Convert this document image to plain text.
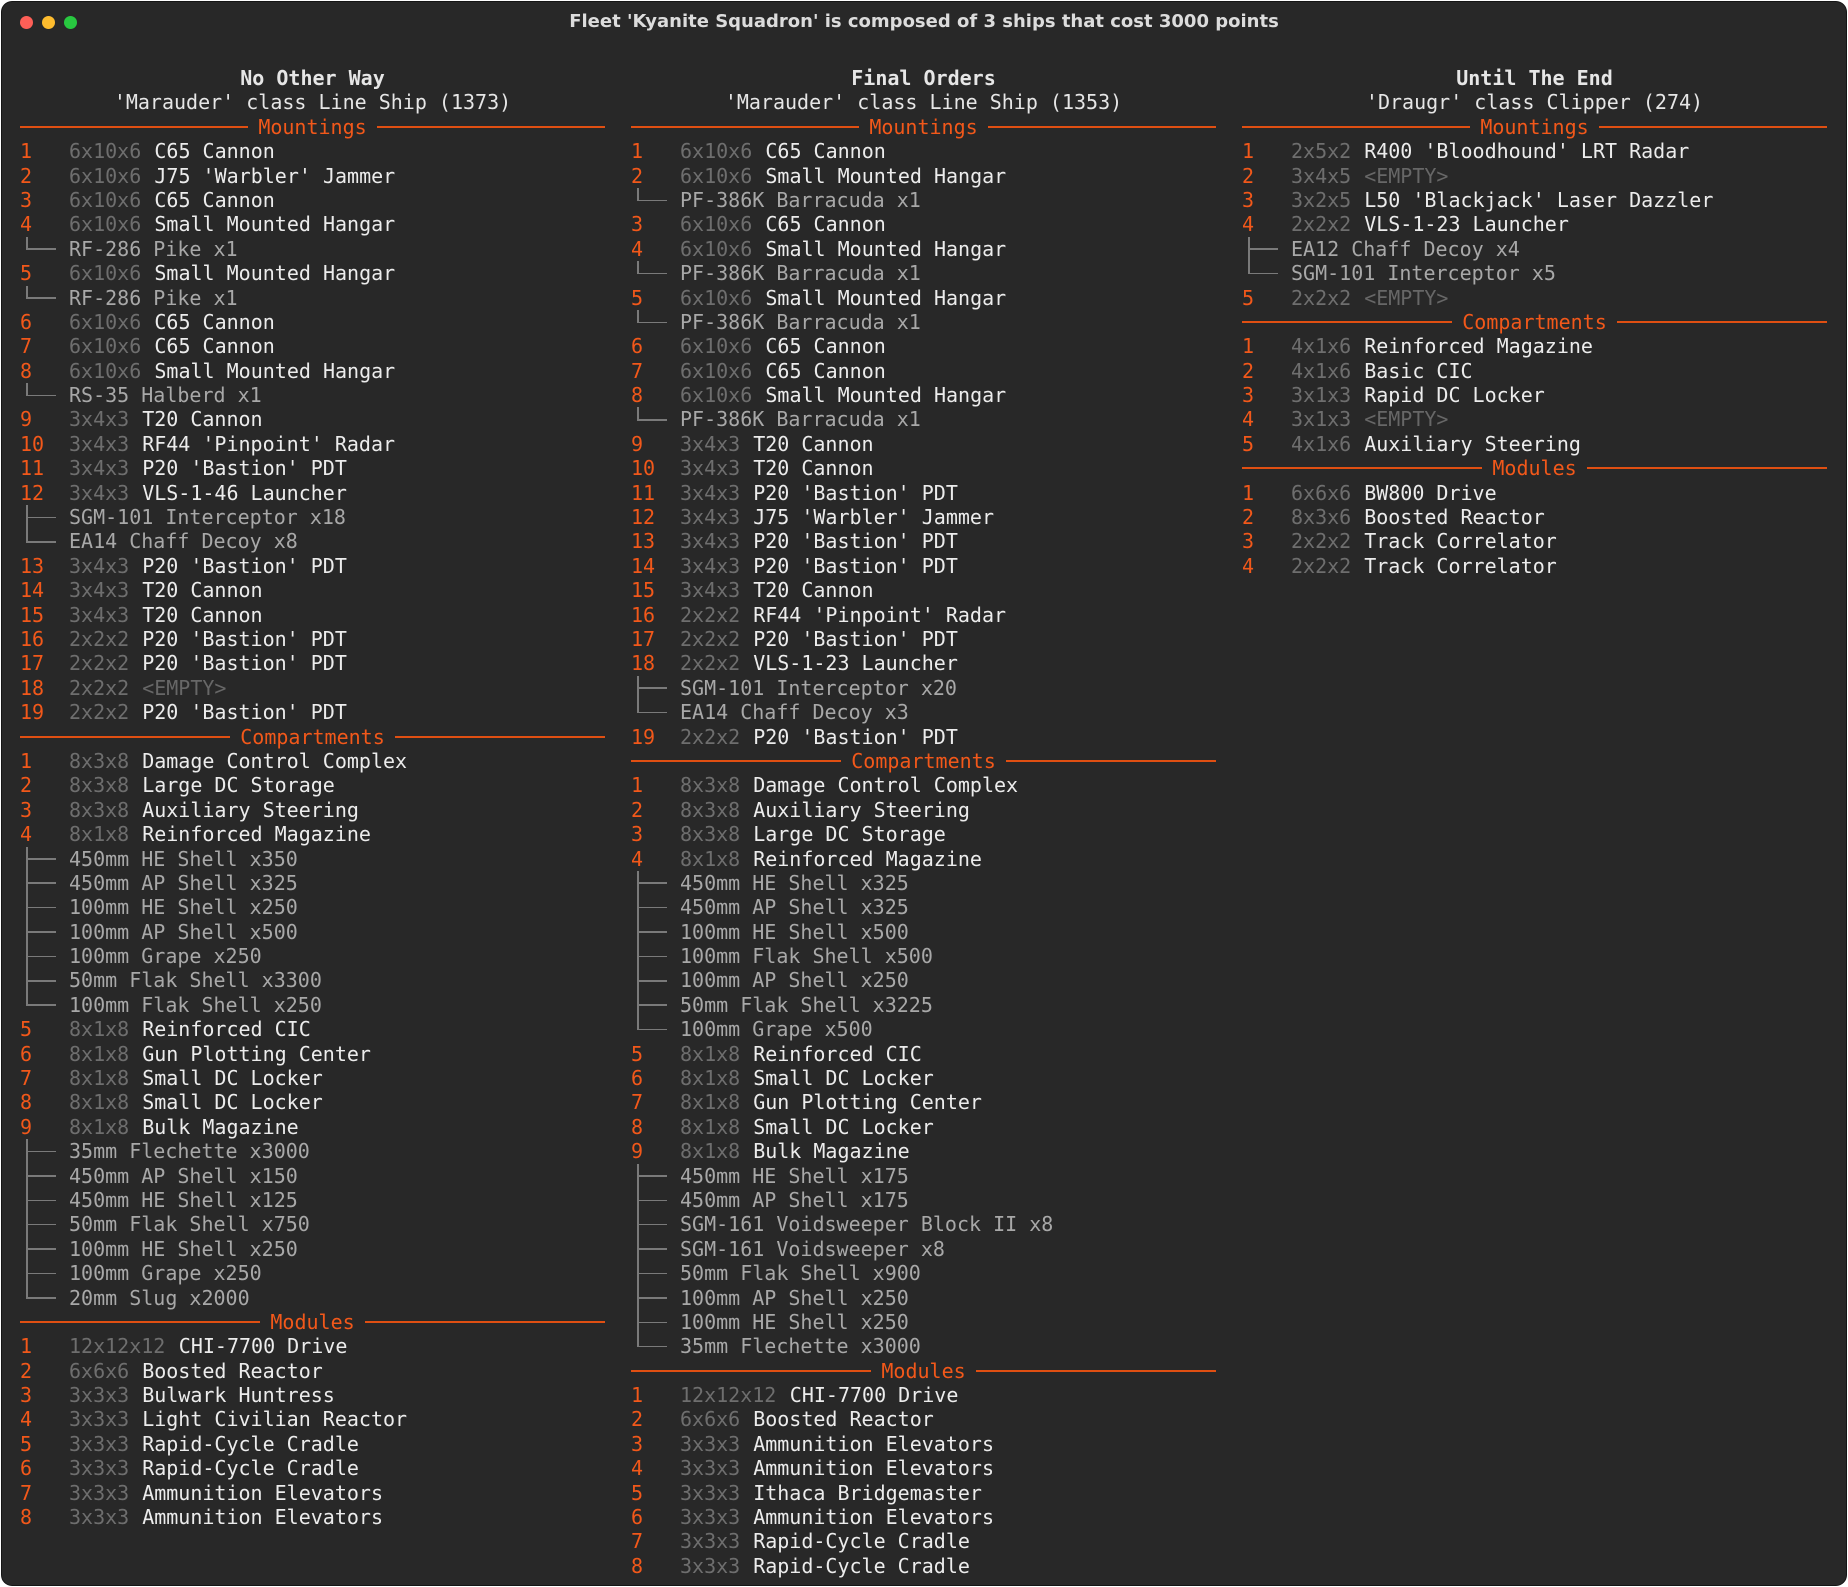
Fleet 'Kyanite Squadron' is composed of 3 ships that cost 3000 points
No Other Way
'Marauder' class Line Ship (1373)
Mountings
1 6x10x6 C65 Cannon
2 6x10x6 J75 'Warbler' Jammer
3 6x10x6 C65 Cannon
4 6x10x6 Small Mounted Hangar
RF-286 Pike x1
5 6x10x6 Small Mounted Hangar
RF-286 Pike x1
6 6x10x6 C65 Cannon
7 6x10x6 C65 Cannon
8 6x10x6 Small Mounted Hangar
RS-35 Halberd x1
9 3x4x3 T20 Cannon
10 3x4x3 RF44 'Pinpoint' Radar
11 3x4x3 P20 'Bastion' PDT
12 3x4x3 VLS-1-46 Launcher
SGM-101 Interceptor x18
EA14 Chaff Decoy x8
13 3x4x3 P20 'Bastion' PDT
14 3x4x3 T20 Cannon
15 3x4x3 T20 Cannon
16 2x2x2 P20 'Bastion' PDT
17 2x2x2 P20 'Bastion' PDT
18 2x2x2 <EMPTY>
19 2x2x2 P20 'Bastion' PDT
Compartments
1 8x3x8 Damage Control Complex
2 8x3x8 Large DC Storage
3 8x3x8 Auxiliary Steering
4 8x1x8 Reinforced Magazine
450mm HE Shell x350
450mm AP Shell x325
100mm HE Shell x250
100mm AP Shell x500
100mm Grape x250
50mm Flak Shell x3300
100mm Flak Shell x250
5 8x1x8 Reinforced CIC
6 8x1x8 Gun Plotting Center
7 8x1x8 Small DC Locker
8 8x1x8 Small DC Locker
9 8x1x8 Bulk Magazine
35mm Flechette x3000
450mm AP Shell x150
450mm HE Shell x125
50mm Flak Shell x750
100mm HE Shell x250
100mm Grape x250
20mm Slug x2000
Modules
1 12x12x12 CHI-7700 Drive
2 6x6x6 Boosted Reactor
3 3x3x3 Bulwark Huntress
4 3x3x3 Light Civilian Reactor
5 3x3x3 Rapid-Cycle Cradle
6 3x3x3 Rapid-Cycle Cradle
7 3x3x3 Ammunition Elevators
8 3x3x3 Ammunition Elevators
Final Orders
'Marauder' class Line Ship (1353)
Mountings
1 6x10x6 C65 Cannon
2 6x10x6 Small Mounted Hangar
PF-386K Barracuda x1
3 6x10x6 C65 Cannon
4 6x10x6 Small Mounted Hangar
PF-386K Barracuda x1
5 6x10x6 Small Mounted Hangar
PF-386K Barracuda x1
6 6x10x6 C65 Cannon
7 6x10x6 C65 Cannon
8 6x10x6 Small Mounted Hangar
PF-386K Barracuda x1
9 3x4x3 T20 Cannon
10 3x4x3 T20 Cannon
11 3x4x3 P20 'Bastion' PDT
12 3x4x3 J75 'Warbler' Jammer
13 3x4x3 P20 'Bastion' PDT
14 3x4x3 P20 'Bastion' PDT
15 3x4x3 T20 Cannon
16 2x2x2 RF44 'Pinpoint' Radar
17 2x2x2 P20 'Bastion' PDT
18 2x2x2 VLS-1-23 Launcher
SGM-101 Interceptor x20
EA14 Chaff Decoy x3
19 2x2x2 P20 'Bastion' PDT
Compartments
1 8x3x8 Damage Control Complex
2 8x3x8 Auxiliary Steering
3 8x3x8 Large DC Storage
4 8x1x8 Reinforced Magazine
450mm HE Shell x325
450mm AP Shell x325
100mm HE Shell x500
100mm Flak Shell x500
100mm AP Shell x250
50mm Flak Shell x3225
100mm Grape x500
5 8x1x8 Reinforced CIC
6 8x1x8 Small DC Locker
7 8x1x8 Gun Plotting Center
8 8x1x8 Small DC Locker
9 8x1x8 Bulk Magazine
450mm HE Shell x175
450mm AP Shell x175
SGM-161 Voidsweeper Block II x8
SGM-161 Voidsweeper x8
50mm Flak Shell x900
100mm AP Shell x250
100mm HE Shell x250
35mm Flechette x3000
Modules
1 12x12x12 CHI-7700 Drive
2 6x6x6 Boosted Reactor
3 3x3x3 Ammunition Elevators
4 3x3x3 Ammunition Elevators
5 3x3x3 Ithaca Bridgemaster
6 3x3x3 Ammunition Elevators
7 3x3x3 Rapid-Cycle Cradle
8 3x3x3 Rapid-Cycle Cradle
Until The End
'Draugr' class Clipper (274)
Mountings
1 2x5x2 R400 'Bloodhound' LRT Radar
2 3x4x5 <EMPTY>
3 3x2x5 L50 'Blackjack' Laser Dazzler
4 2x2x2 VLS-1-23 Launcher
EA12 Chaff Decoy x4
SGM-101 Interceptor x5
5 2x2x2 <EMPTY>
Compartments
1 4x1x6 Reinforced Magazine
2 4x1x6 Basic CIC
3 3x1x3 Rapid DC Locker
4 3x1x3 <EMPTY>
5 4x1x6 Auxiliary Steering
Modules
1 6x6x6 BW800 Drive
2 8x3x6 Boosted Reactor
3 2x2x2 Track Correlator
4 2x2x2 Track Correlator
